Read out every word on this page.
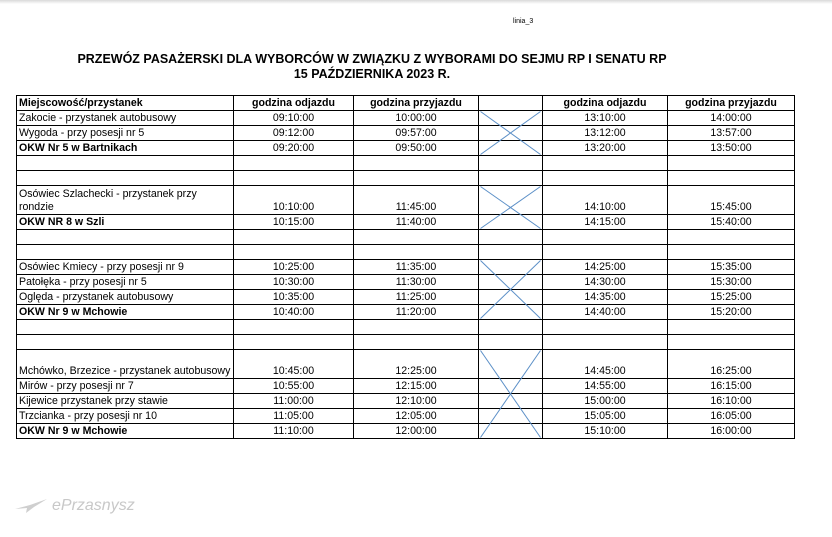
linia_3
PRZEWÓZ PASAŻERSKI DLA WYBORCÓW W ZWIĄZKU Z WYBORAMI DO SEJMU RP I SENATU RP
15 PAŹDZIERNIKA 2023 R.
Miejscowość/przystanek	godzina odjazdu	godzina przyjazdu		godzina odjazdu	godzina przyjazdu
Zakocie - przystanek autobusowy	09:10:00	10:00:00		13:10:00	14:00:00
Wygoda - przy posesji nr 5	09:12:00	09:57:00		13:12:00	13:57:00
OKW Nr 5 w Bartnikach	09:20:00	09:50:00		13:20:00	13:50:00

Osówiec Szlachecki - przystanek przy rondzie	10:10:00	11:45:00		14:10:00	15:45:00
OKW NR 8 w Szli	10:15:00	11:40:00		14:15:00	15:40:00

Osówiec Kmiecy - przy posesji nr 9	10:25:00	11:35:00		14:25:00	15:35:00
Patołęka - przy posesji nr 5	10:30:00	11:30:00		14:30:00	15:30:00
Oględa - przystanek autobusowy	10:35:00	11:25:00		14:35:00	15:25:00
OKW Nr 9 w Mchowie	10:40:00	11:20:00		14:40:00	15:20:00

Mchówko, Brzezice - przystanek autobusowy	10:45:00	12:25:00		14:45:00	16:25:00
Mirów - przy posesji nr 7	10:55:00	12:15:00		14:55:00	16:15:00
Kijewice przystanek przy stawie	11:00:00	12:10:00		15:00:00	16:10:00
Trzcianka - przy posesji nr 10	11:05:00	12:05:00		15:05:00	16:05:00
OKW Nr 9 w Mchowie	11:10:00	12:00:00		15:10:00	16:00:00
ePrzasnysz
